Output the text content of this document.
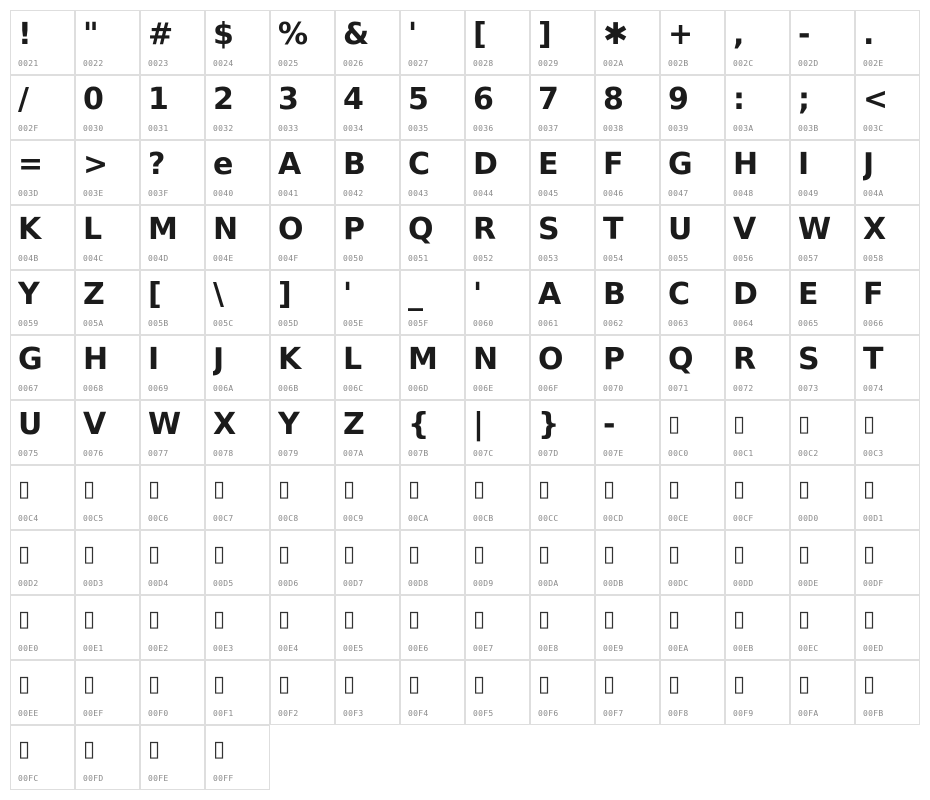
!
0021
"
0022
#
0023
$
0024
%
0025
&
0026
'
0027
[
0028
]
0029
✱
002A
+
002B
,
002C
-
002D
.
002E
/
002F
0
0030
1
0031
2
0032
3
0033
4
0034
5
0035
6
0036
7
0037
8
0038
9
0039
:
003A
;
003B
<
003C
=
003D
>
003E
?
003F
e
0040
A
0041
B
0042
C
0043
D
0044
E
0045
F
0046
G
0047
H
0048
I
0049
J
004A
K
004B
L
004C
M
004D
N
004E
O
004F
P
0050
Q
0051
R
0052
S
0053
T
0054
U
0055
V
0056
W
0057
X
0058
Y
0059
Z
005A
[
005B
\
005C
]
005D
'
005E
_
005F
'
0060
A
0061
B
0062
C
0063
D
0064
E
0065
F
0066
G
0067
H
0068
I
0069
J
006A
K
006B
L
006C
M
006D
N
006E
O
006F
P
0070
Q
0071
R
0072
S
0073
T
0074
U
0075
V
0076
W
0077
X
0078
Y
0079
Z
007A
{
007B
|
007C
}
007D
-
007E
▯
00C0
▯
00C1
▯
00C2
▯
00C3
▯
00C4
▯
00C5
▯
00C6
▯
00C7
▯
00C8
▯
00C9
▯
00CA
▯
00CB
▯
00CC
▯
00CD
▯
00CE
▯
00CF
▯
00D0
▯
00D1
▯
00D2
▯
00D3
▯
00D4
▯
00D5
▯
00D6
▯
00D7
▯
00D8
▯
00D9
▯
00DA
▯
00DB
▯
00DC
▯
00DD
▯
00DE
▯
00DF
▯
00E0
▯
00E1
▯
00E2
▯
00E3
▯
00E4
▯
00E5
▯
00E6
▯
00E7
▯
00E8
▯
00E9
▯
00EA
▯
00EB
▯
00EC
▯
00ED
▯
00EE
▯
00EF
▯
00F0
▯
00F1
▯
00F2
▯
00F3
▯
00F4
▯
00F5
▯
00F6
▯
00F7
▯
00F8
▯
00F9
▯
00FA
▯
00FB
▯
00FC
▯
00FD
▯
00FE
▯
00FF
